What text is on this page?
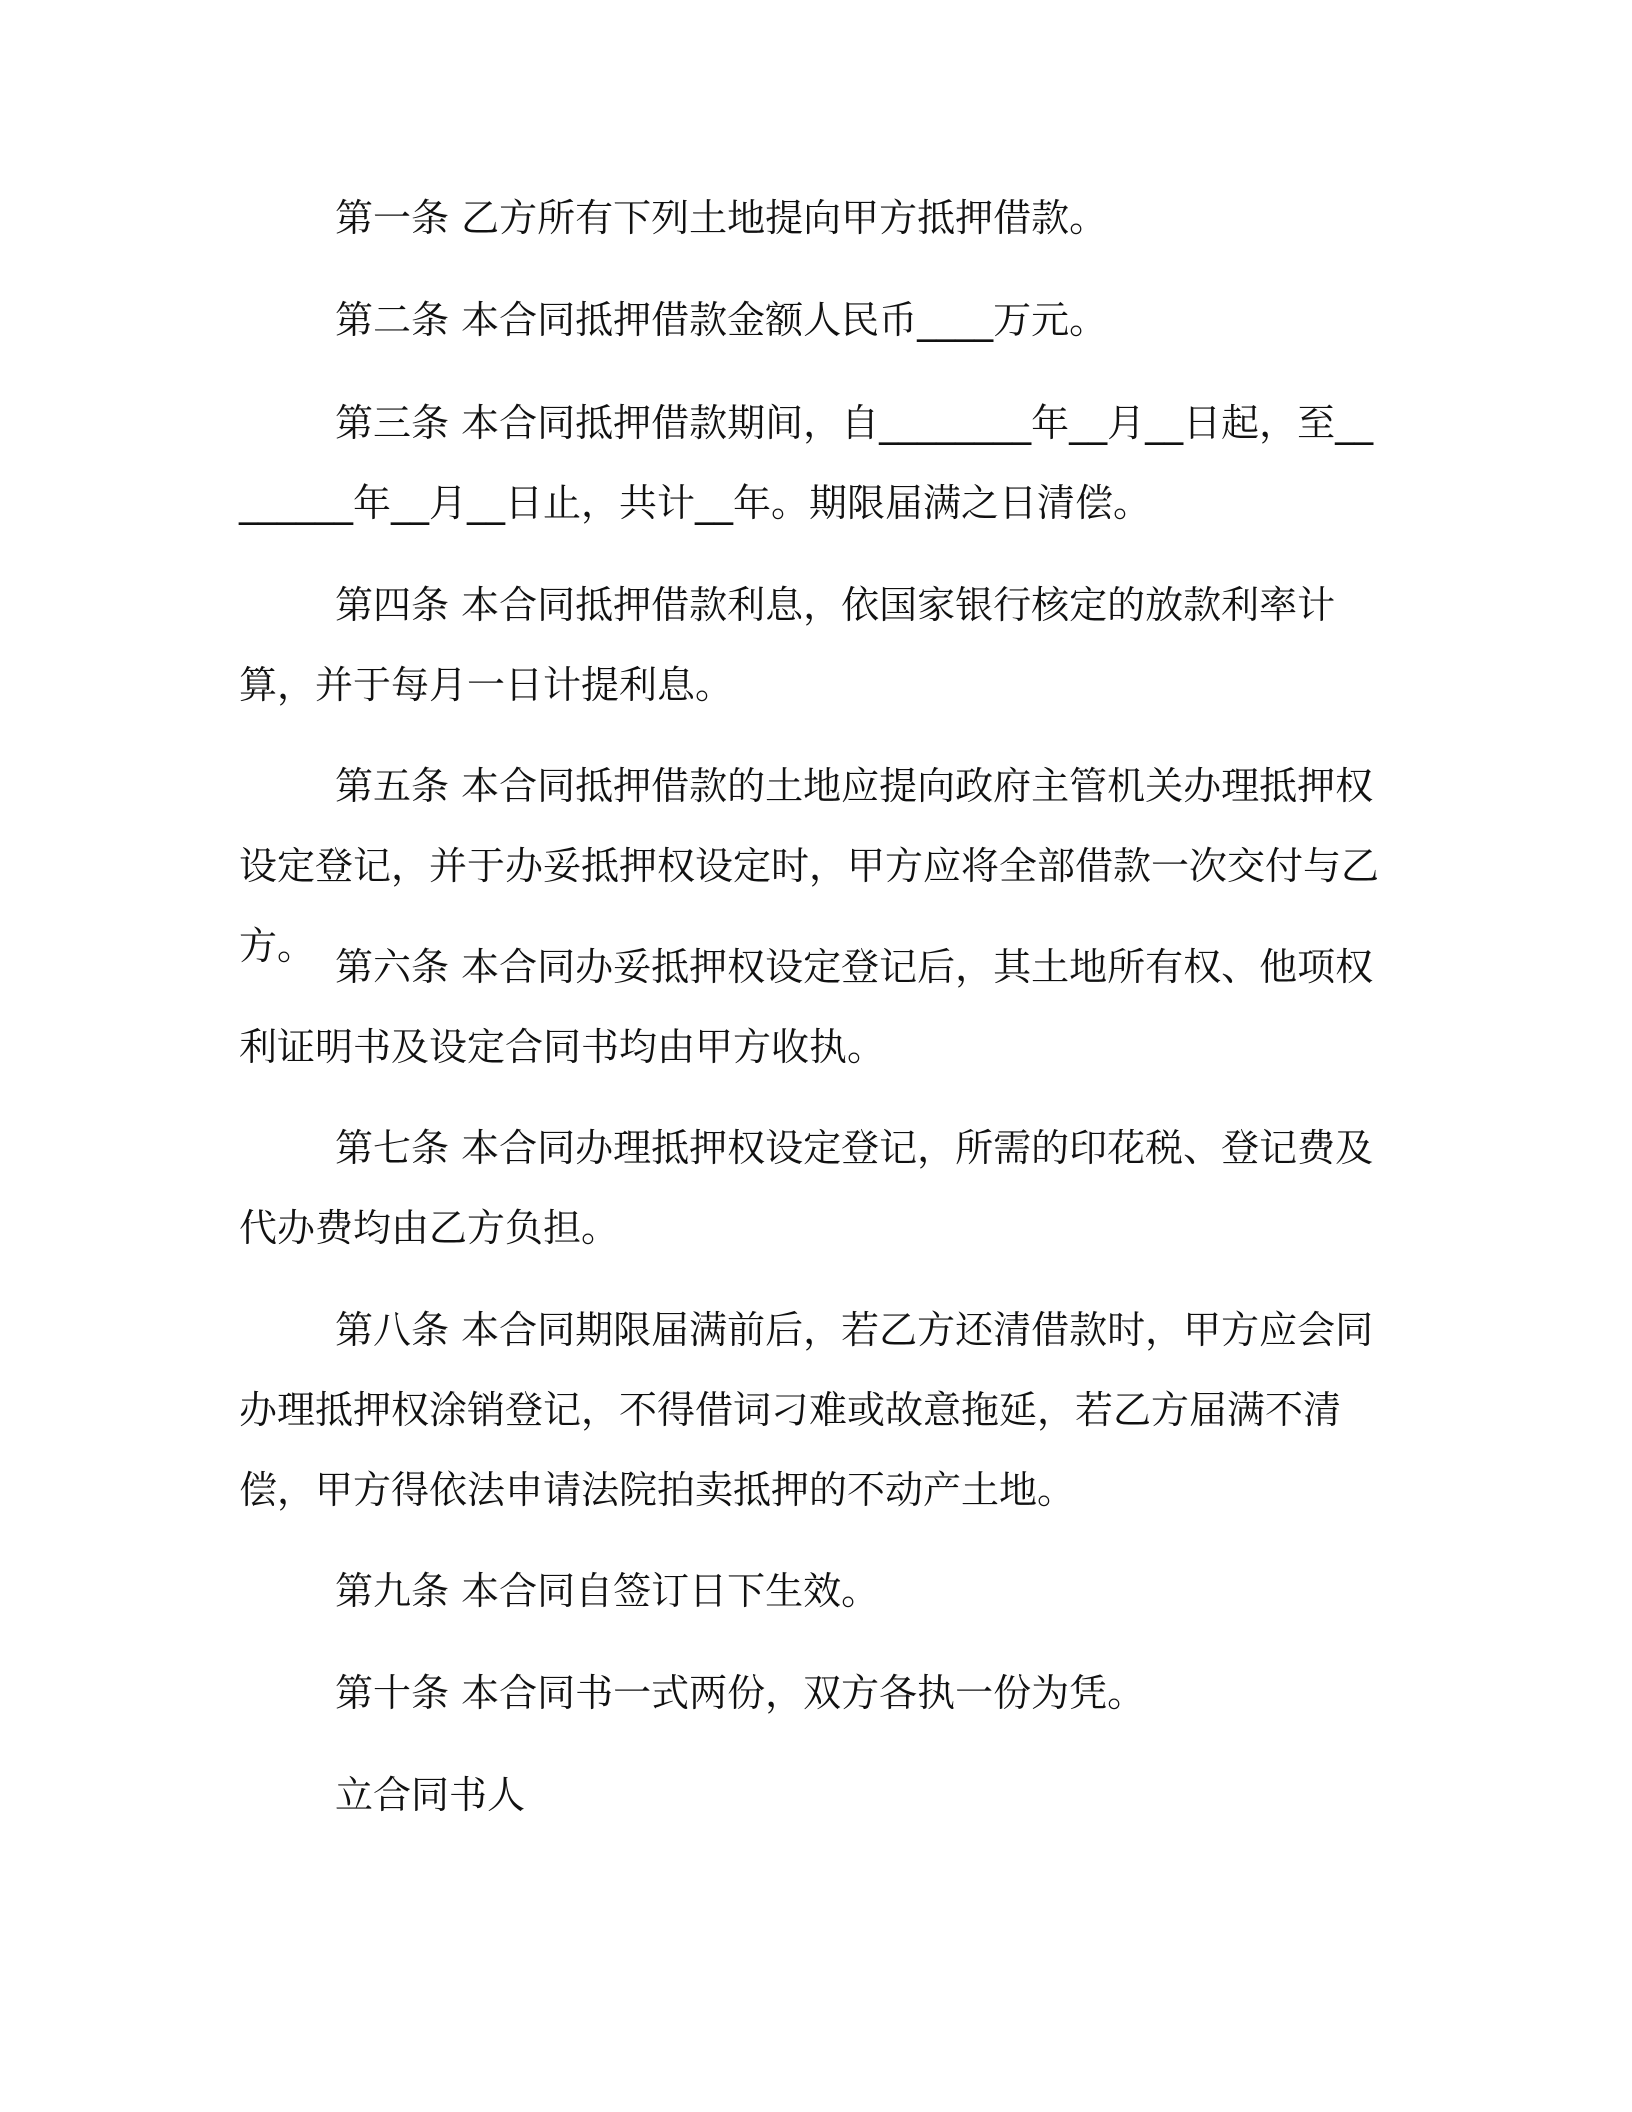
第一条 乙方所有下列土地提向甲方抵押借款。

第二条 本合同抵押借款金额人民币____万元。

第三条 本合同抵押借款期间，自________年__月__日起，至________年__月__日止，共计__年。期限届满之日清偿。

第四条 本合同抵押借款利息，依国家银行核定的放款利率计算，并于每月一日计提利息。

第五条 本合同抵押借款的土地应提向政府主管机关办理抵押权设定登记，并于办妥抵押权设定时，甲方应将全部借款一次交付与乙方。 第六条 本合同办妥抵押权设定登记后，其土地所有权、他项权利证明书及设定合同书均由甲方收执。

第七条 本合同办理抵押权设定登记，所需的印花税、登记费及代办费均由乙方负担。

第八条 本合同期限届满前后，若乙方还清借款时，甲方应会同办理抵押权涂销登记，不得借词刁难或故意拖延，若乙方届满不清偿，甲方得依法申请法院拍卖抵押的不动产土地。

第九条 本合同自签订日下生效。

第十条 本合同书一式两份，双方各执一份为凭。

立合同书人
